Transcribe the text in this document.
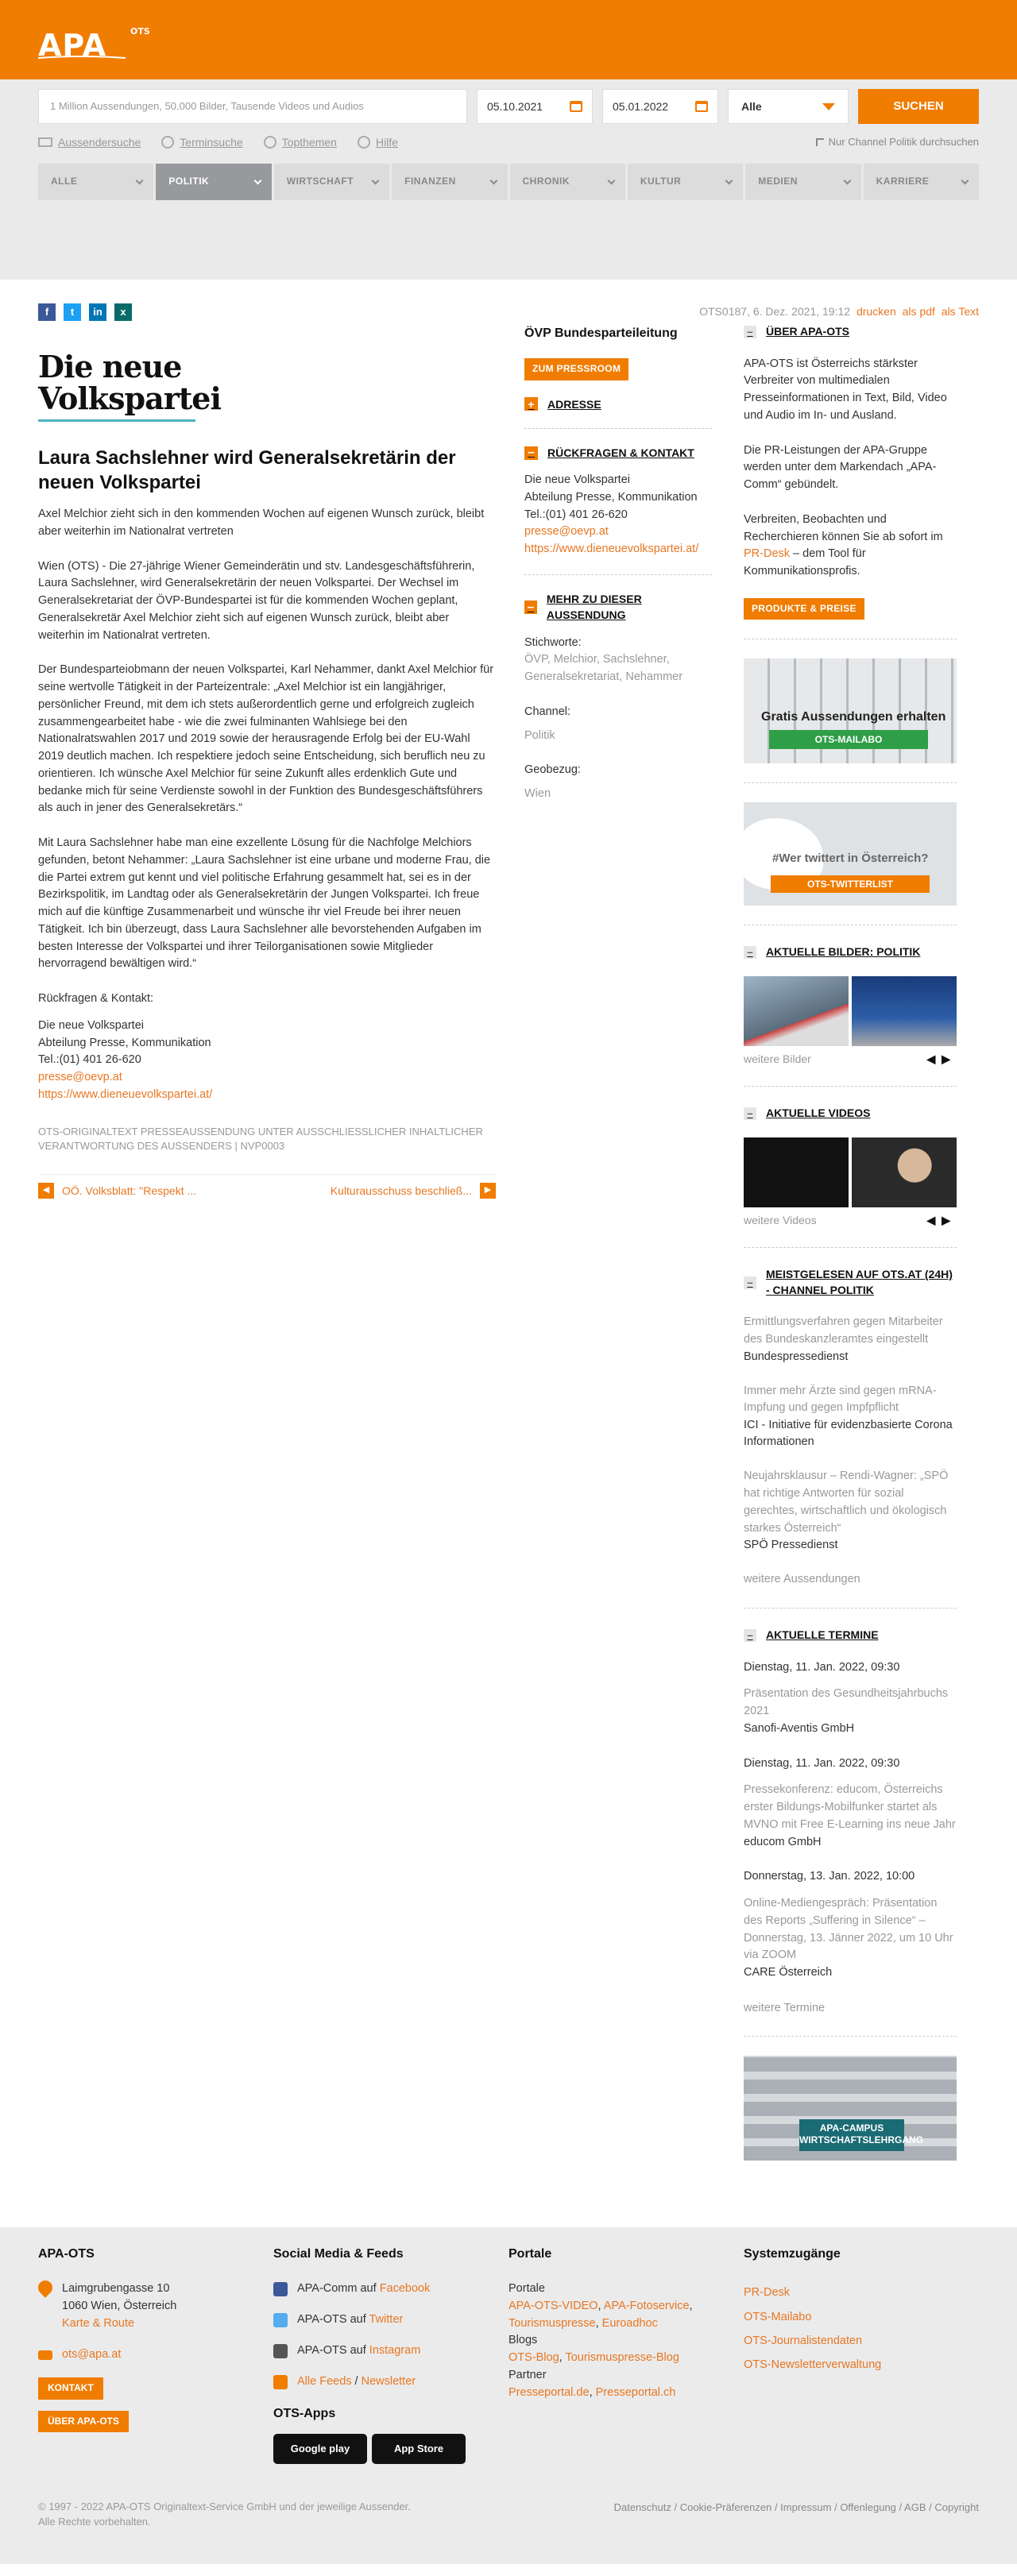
APA	OTS
1 Million Aussendungen, 50.000 Bilder, Tausende Videos und Audios	05.10.2021	05.01.2022	Alle	SUCHEN
Aussendersuche	Terminsuche	Topthemen	Hilfe	Nur Channel Politik durchsuchen
ALLE	POLITIK	WIRTSCHAFT	FINANZEN	CHRONIK	KULTUR	MEDIEN	KARRIERE
OTS0187, 6. Dez. 2021, 19:12 drucken als pdf als Text
f	t	in	x
Die neue
Volkspartei
Laura Sachslehner wird Generalsekretärin der neuen Volkspartei

Axel Melchior zieht sich in den kommenden Wochen auf eigenen Wunsch zurück, bleibt aber weiterhin im Nationalrat vertreten

Wien (OTS) - Die 27-jährige Wiener Gemeinderätin und stv. Landesgeschäftsführerin, Laura Sachslehner, wird Generalsekretärin der neuen Volkspartei. Der Wechsel im Generalsekretariat der ÖVP-Bundespartei ist für die kommenden Wochen geplant, Generalsekretär Axel Melchior zieht sich auf eigenen Wunsch zurück, bleibt aber weiterhin im Nationalrat vertreten.

Der Bundesparteiobmann der neuen Volkspartei, Karl Nehammer, dankt Axel Melchior für seine wertvolle Tätigkeit in der Parteizentrale: „Axel Melchior ist ein langjähriger, persönlicher Freund, mit dem ich stets außerordentlich gerne und erfolgreich zugleich zusammengearbeitet habe - wie die zwei fulminanten Wahlsiege bei den Nationalratswahlen 2017 und 2019 sowie der herausragende Erfolg bei der EU-Wahl 2019 deutlich machen. Ich respektiere jedoch seine Entscheidung, sich beruflich neu zu orientieren. Ich wünsche Axel Melchior für seine Zukunft alles erdenklich Gute und bedanke mich für seine Verdienste sowohl in der Funktion des Bundesgeschäftsführers als auch in jener des Generalsekretärs.“

Mit Laura Sachslehner habe man eine exzellente Lösung für die Nachfolge Melchiors gefunden, betont Nehammer: „Laura Sachslehner ist eine urbane und moderne Frau, die die Partei extrem gut kennt und viel politische Erfahrung gesammelt hat, sei es in der Bezirkspolitik, im Landtag oder als Generalsekretärin der Jungen Volkspartei. Ich freue mich auf die künftige Zusammenarbeit und wünsche ihr viel Freude bei ihrer neuen Tätigkeit. Ich bin überzeugt, dass Laura Sachslehner alle bevorstehenden Aufgaben im besten Interesse der Volkspartei und ihrer Teilorganisationen sowie Mitglieder hervorragend bewältigen wird.“

Rückfragen & Kontakt:

Die neue Volkspartei
Abteilung Presse, Kommunikation
Tel.:(01) 401 26-620
presse@oevp.at
https://www.dieneuevolkspartei.at/
OTS-ORIGINALTEXT PRESSEAUSSENDUNG UNTER AUSSCHLIESSLICHER INHALTLICHER VERANTWORTUNG DES AUSSENDERS | NVP0003
◀	OÖ. Volksblatt: "Respekt ...	Kulturausschuss beschließ...	▶
ÖVP Bundesparteileitung
ZUM PRESSROOM
+	ADRESSE
– RÜCKFRAGEN & KONTAKT
Die neue Volkspartei
Abteilung Presse, Kommunikation
Tel.:(01) 401 26-620
presse@oevp.at
https://www.dieneuevolkspartei.at/
–
MEHR ZU DIESER AUSSENDUNG
Stichworte:
ÖVP, Melchior, Sachslehner, Generalsekretariat, Nehammer
Channel:
Politik
Geobezug:
Wien
–	ÜBER APA-OTS

APA-OTS ist Österreichs stärkster Verbreiter von multimedialen Presseinformationen in Text, Bild, Video und Audio im In- und Ausland.

Die PR-Leistungen der APA-Gruppe werden unter dem Markendach „APA-Comm“ gebündelt.

Verbreiten, Beobachten und Recherchieren können Sie ab sofort im PR-Desk – dem Tool für Kommunikationsprofis.

PRODUKTE & PREISE
Gratis Aussendungen erhalten
OTS-MAILABO
#Wer twittert in Österreich?
OTS-TWITTERLIST
–	AKTUELLE BILDER: POLITIK
weitere Bilder	◀▶
–	AKTUELLE VIDEOS
weitere Videos	◀▶
–
MEISTGELESEN AUF OTS.AT (24H) - CHANNEL POLITIK
Ermittlungsverfahren gegen Mitarbeiter des Bundeskanzleramtes eingestellt
Bundespressedienst
Immer mehr Ärzte sind gegen mRNA-Impfung und gegen Impfpflicht
ICI - Initiative für evidenzbasierte Corona Informationen
Neujahrsklausur – Rendi-Wagner: „SPÖ hat richtige Antworten für sozial gerechtes, wirtschaftlich und ökologisch starkes Österreich“
SPÖ Pressedienst
weitere Aussendungen
–	AKTUELLE TERMINE
Dienstag, 11. Jan. 2022, 09:30
Präsentation des Gesundheitsjahrbuchs 2021
Sanofi-Aventis GmbH
Dienstag, 11. Jan. 2022, 09:30
Pressekonferenz: educom, Österreichs erster Bildungs-Mobilfunker startet als MVNO mit Free E-Learning ins neue Jahr
educom GmbH
Donnerstag, 13. Jan. 2022, 10:00
Online-Mediengespräch: Präsentation des Reports „Suffering in Silence“ – Donnerstag, 13. Jänner 2022, um 10 Uhr via ZOOM
CARE Österreich
weitere Termine
APA-CAMPUS WIRTSCHAFTSLEHRGANG
APA-OTS
Laimgrubengasse 10
1060 Wien, Österreich
Karte & Route
ots@apa.at
KONTAKT
ÜBER APA-OTS
Social Media & Feeds
APA-Comm auf Facebook
APA-OTS auf Twitter
APA-OTS auf Instagram
Alle Feeds / Newsletter
OTS-Apps
Google play	App Store
Portale
Portale
APA-OTS-VIDEO, APA-Fotoservice,
Tourismuspresse, Euroadhoc
Blogs
OTS-Blog, Tourismuspresse-Blog
Partner
Presseportal.de, Presseportal.ch
Systemzugänge
PR-Desk
OTS-Mailabo
OTS-Journalistendaten
OTS-Newsletterverwaltung
© 1997 - 2022 APA-OTS Originaltext-Service GmbH und der jeweilige Aussender.
Alle Rechte vorbehalten.
Datenschutz / Cookie-Präferenzen / Impressum / Offenlegung / AGB / Copyright
